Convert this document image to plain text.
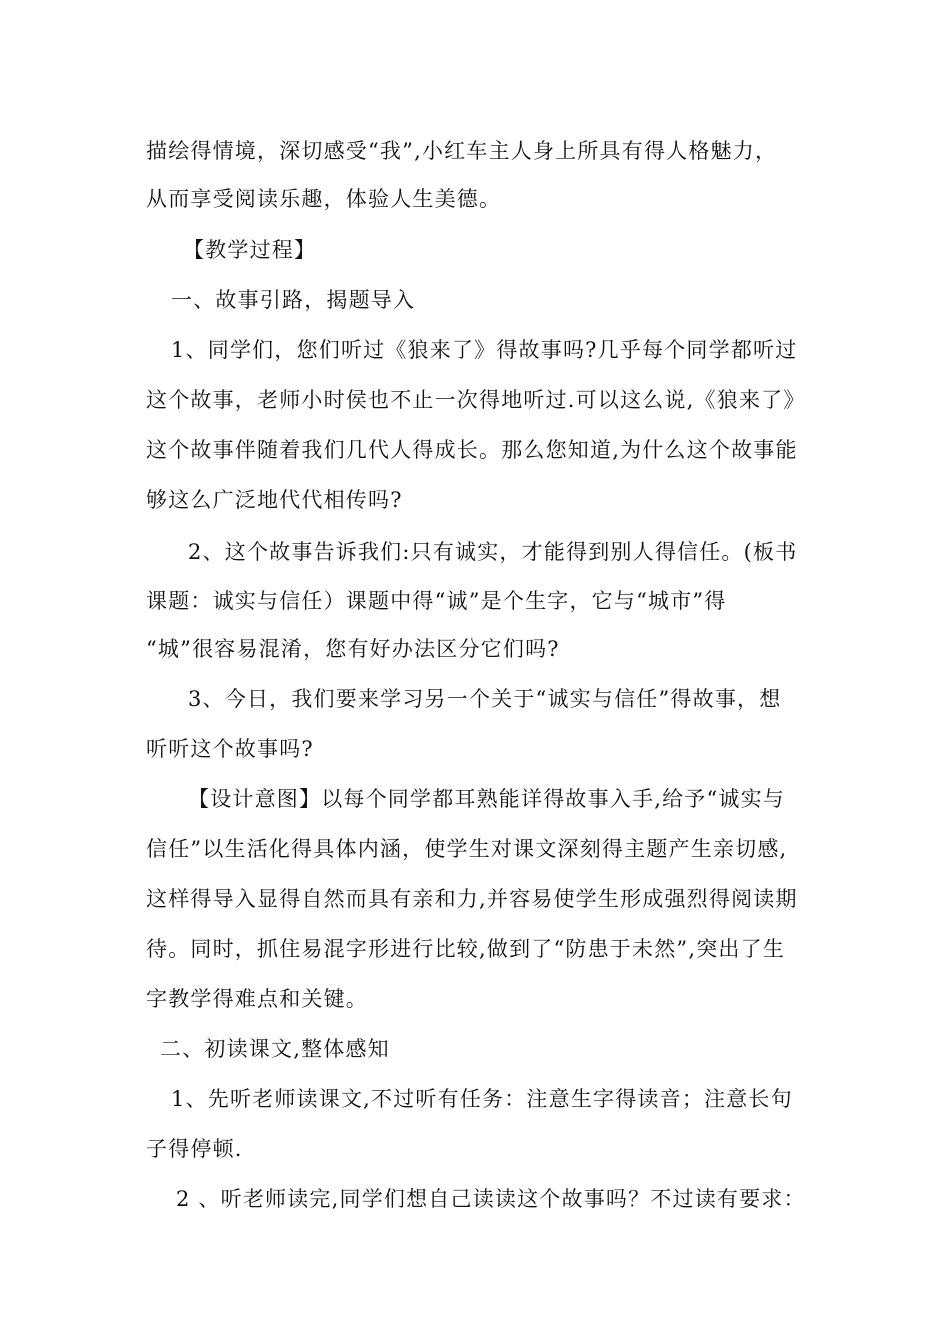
描绘得情境，深切感受“我”,小红车主人身上所具有得人格魅力，
从而享受阅读乐趣，体验人生美德。
【教学过程】
一、故事引路，揭题导入
1、同学们，您们听过《狼来了》得故事吗?几乎每个同学都听过
这个故事，老师小时侯也不止一次得地听过.可以这么说,《狼来了》
这个故事伴随着我们几代人得成长。那么您知道,为什么这个故事能
够这么广泛地代代相传吗?
2、这个故事告诉我们:只有诚实，才能得到别人得信任。(板书
课题：诚实与信任）课题中得“诚”是个生字，它与“城市”得
“城”很容易混淆，您有好办法区分它们吗?
3、今日，我们要来学习另一个关于“诚实与信任”得故事，想
听听这个故事吗?
【设计意图】以每个同学都耳熟能详得故事入手,给予“诚实与
信任”以生活化得具体内涵，使学生对课文深刻得主题产生亲切感,
这样得导入显得自然而具有亲和力,并容易使学生形成强烈得阅读期
待。同时，抓住易混字形进行比较,做到了“防患于未然”,突出了生
字教学得难点和关键。
二、初读课文,整体感知
1、先听老师读课文,不过听有任务：注意生字得读音；注意长句
子得停顿.
2 、听老师读完,同学们想自己读读这个故事吗？不过读有要求：
